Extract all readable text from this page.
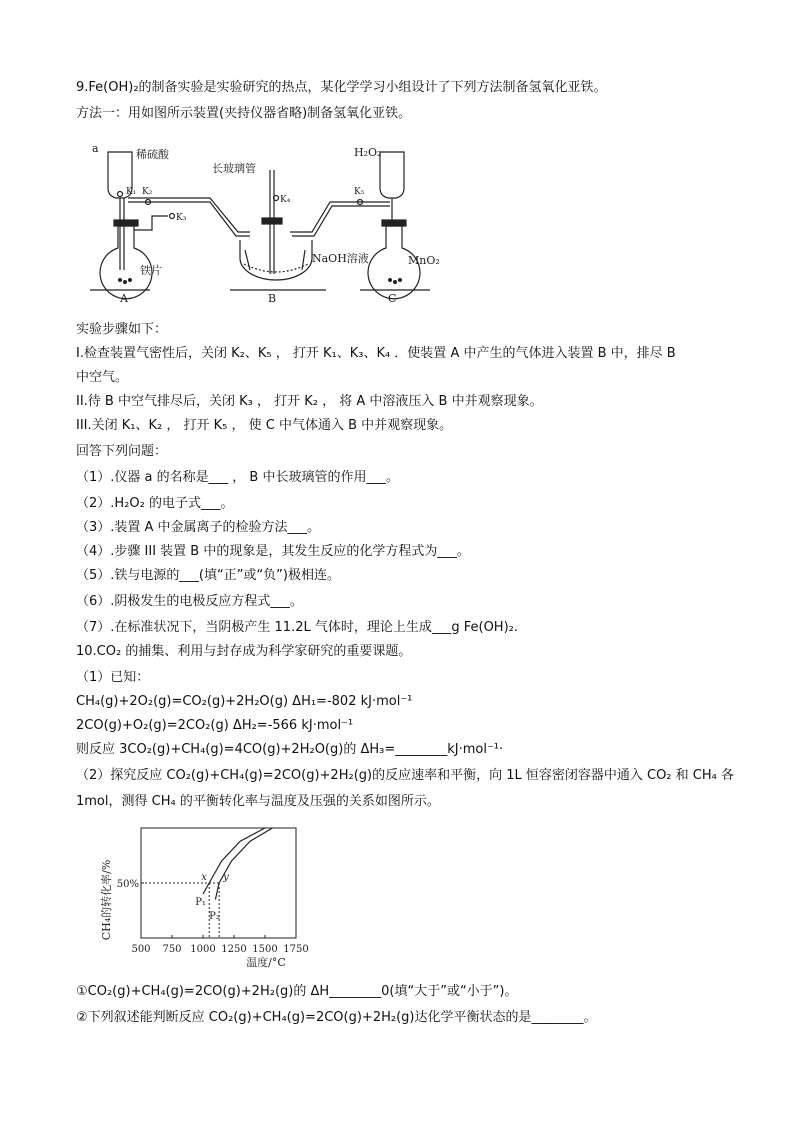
9.Fe(OH)₂的制备实验是实验研究的热点，某化学学习小组设计了下列方法制备氢氧化亚铁。
方法一：用如图所示装置(夹持仪器省略)制备氢氧化亚铁。
a	稀硫酸
K₁ K₂
K₃
K₄
K₅
铁片
长玻璃管
NaOH溶液
H₂O₂
MnO₂
A	B	C
实验步骤如下：
I.检查装置气密性后，关闭 K₂、K₅ ， 打开 K₁、K₃、K₄ ．使装置 A 中产生的气体进入装置 B 中，排尽 B
中空气。
II.待 B 中空气排尽后，关闭 K₃ ， 打开 K₂ ， 将 A 中溶液压入 B 中并观察现象。
III.关闭 K₁、K₂ ， 打开 K₅ ， 使 C 中气体通入 B 中并观察现象。
回答下列问题：
（1）.仪器 a 的名称是___ ， B 中长玻璃管的作用___。
（2）.H₂O₂ 的电子式___。
（3）.装置 A 中金属离子的检验方法___。
（4）.步骤 III 装置 B 中的现象是，其发生反应的化学方程式为___。
（5）.铁与电源的___(填“正”或“负”)极相连。
（6）.阴极发生的电极反应方程式___。
（7）.在标准状况下，当阴极产生 11.2L 气体时，理论上生成___g Fe(OH)₂.
10.CO₂ 的捕集、利用与封存成为科学家研究的重要课题。
（1）已知：
CH₄(g)+2O₂(g)=CO₂(g)+2H₂O(g) ΔH₁=-802 kJ·mol⁻¹
2CO(g)+O₂(g)=2CO₂(g) ΔH₂=-566 kJ·mol⁻¹
则反应 3CO₂(g)+CH₄(g)=4CO(g)+2H₂O(g)的 ΔH₃=________kJ·mol⁻¹·
（2）探究反应 CO₂(g)+CH₄(g)=2CO(g)+2H₂(g)的反应速率和平衡，向 1L 恒容密闭容器中通入 CO₂ 和 CH₄ 各
1mol，测得 CH₄ 的平衡转化率与温度及压强的关系如图所示。
CH₄的转化率/%
温度/°C
500 750 1000 1250 1500 1750
50%
P₁
x
P₂
y
①CO₂(g)+CH₄(g)=2CO(g)+2H₂(g)的 ΔH________0(填“大于”或“小于”)。
②下列叙述能判断反应 CO₂(g)+CH₄(g)=2CO(g)+2H₂(g)达化学平衡状态的是________。
